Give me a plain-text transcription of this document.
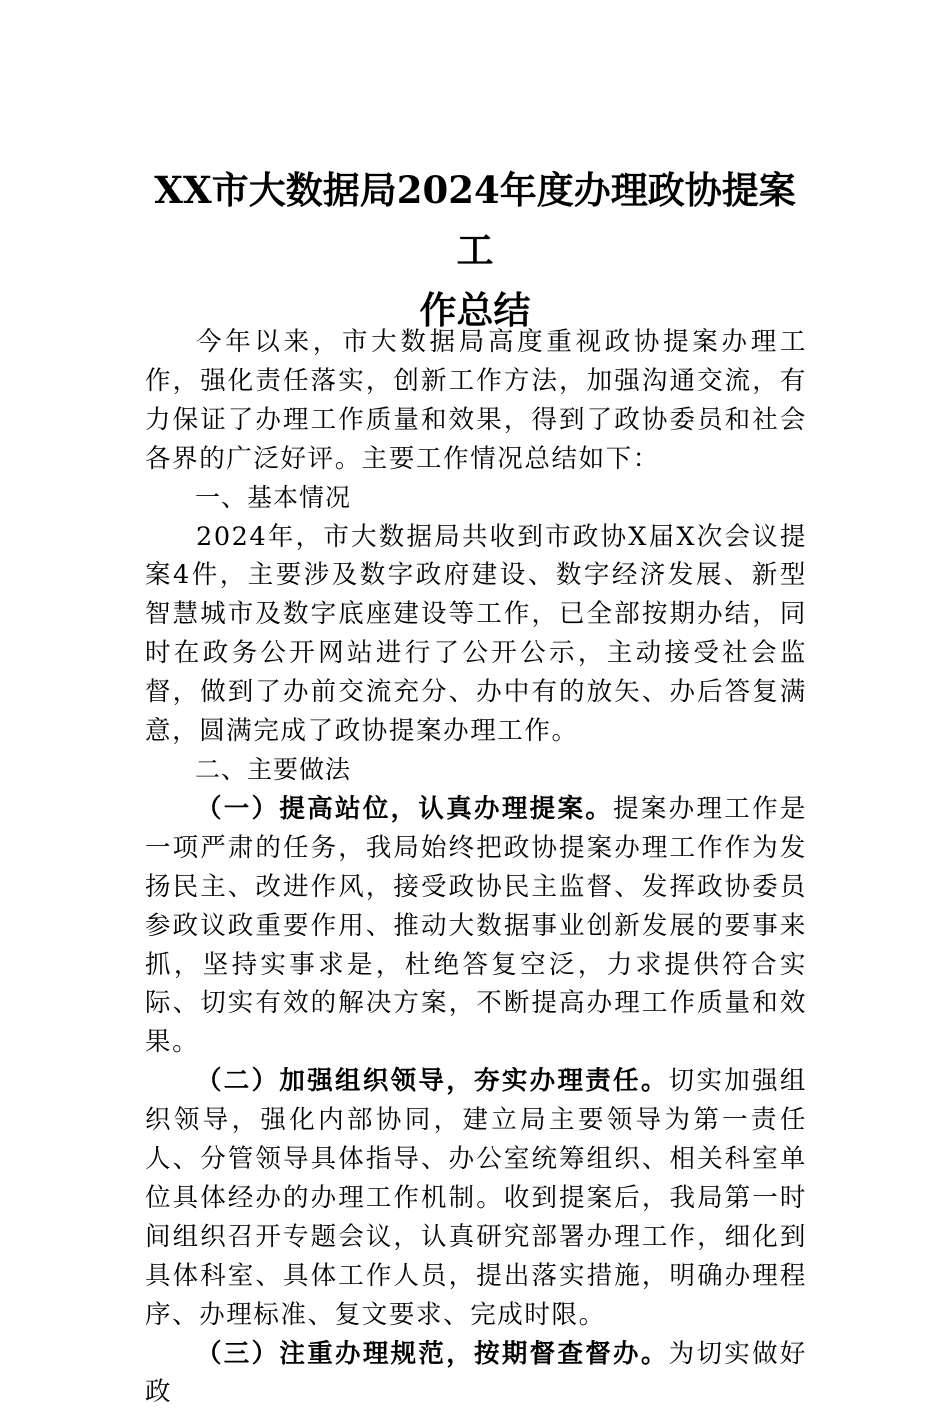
XX市大数据局2024年度办理政协提案工
作总结

今年以来，市大数据局高度重视政协提案办理工作，强化责任落实，创新工作方法，加强沟通交流，有力保证了办理工作质量和效果，得到了政协委员和社会各界的广泛好评。主要工作情况总结如下：

一、基本情况

2024年，市大数据局共收到市政协X届X次会议提案4件，主要涉及数字政府建设、数字经济发展、新型智慧城市及数字底座建设等工作，已全部按期办结，同时在政务公开网站进行了公开公示，主动接受社会监督，做到了办前交流充分、办中有的放矢、办后答复满意，圆满完成了政协提案办理工作。

二、主要做法

（一）提高站位，认真办理提案。提案办理工作是一项严肃的任务，我局始终把政协提案办理工作作为发扬民主、改进作风，接受政协民主监督、发挥政协委员参政议政重要作用、推动大数据事业创新发展的要事来抓，坚持实事求是，杜绝答复空泛，力求提供符合实际、切实有效的解决方案，不断提高办理工作质量和效果。

（二）加强组织领导，夯实办理责任。切实加强组织领导，强化内部协同，建立局主要领导为第一责任人、分管领导具体指导、办公室统筹组织、相关科室单位具体经办的办理工作机制。收到提案后，我局第一时间组织召开专题会议，认真研究部署办理工作，细化到具体科室、具体工作人员，提出落实措施，明确办理程序、办理标准、复文要求、完成时限。

（三）注重办理规范，按期督查督办。为切实做好政
